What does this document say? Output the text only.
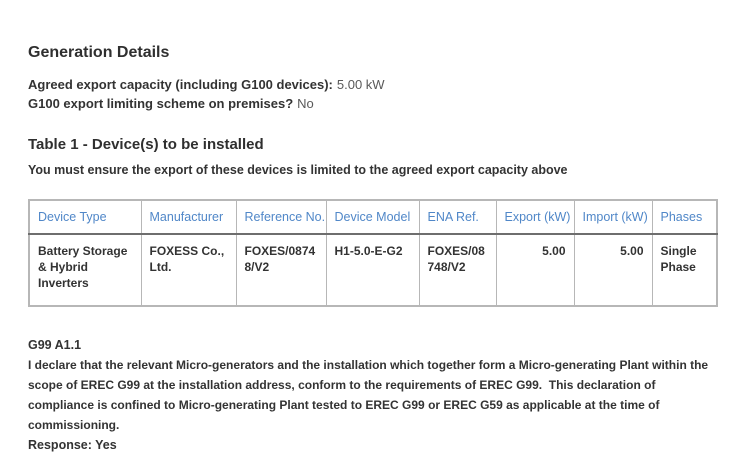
Generation Details

Agreed export capacity (including G100 devices): 5.00 kW

G100 export limiting scheme on premises? No

Table 1 - Device(s) to be installed

You must ensure the export of these devices is limited to the agreed export capacity above

Device Type	Manufacturer	Reference No.	Device Model	ENA Ref.	Export (kW)	Import (kW)	Phases
Battery Storage & Hybrid Inverters	FOXESS Co., Ltd.	FOXES/08748/V2	H1-5.0-E-G2	FOXES/08748/V2	5.00	5.00	Single Phase

G99 A1.1

I declare that the relevant Micro-generators and the installation which together form a Micro-generating Plant within the scope of EREC G99 at the installation address, conform to the requirements of EREC G99.  This declaration of compliance is confined to Micro-generating Plant tested to EREC G99 or EREC G59 as applicable at the time of commissioning.

Response: Yes
